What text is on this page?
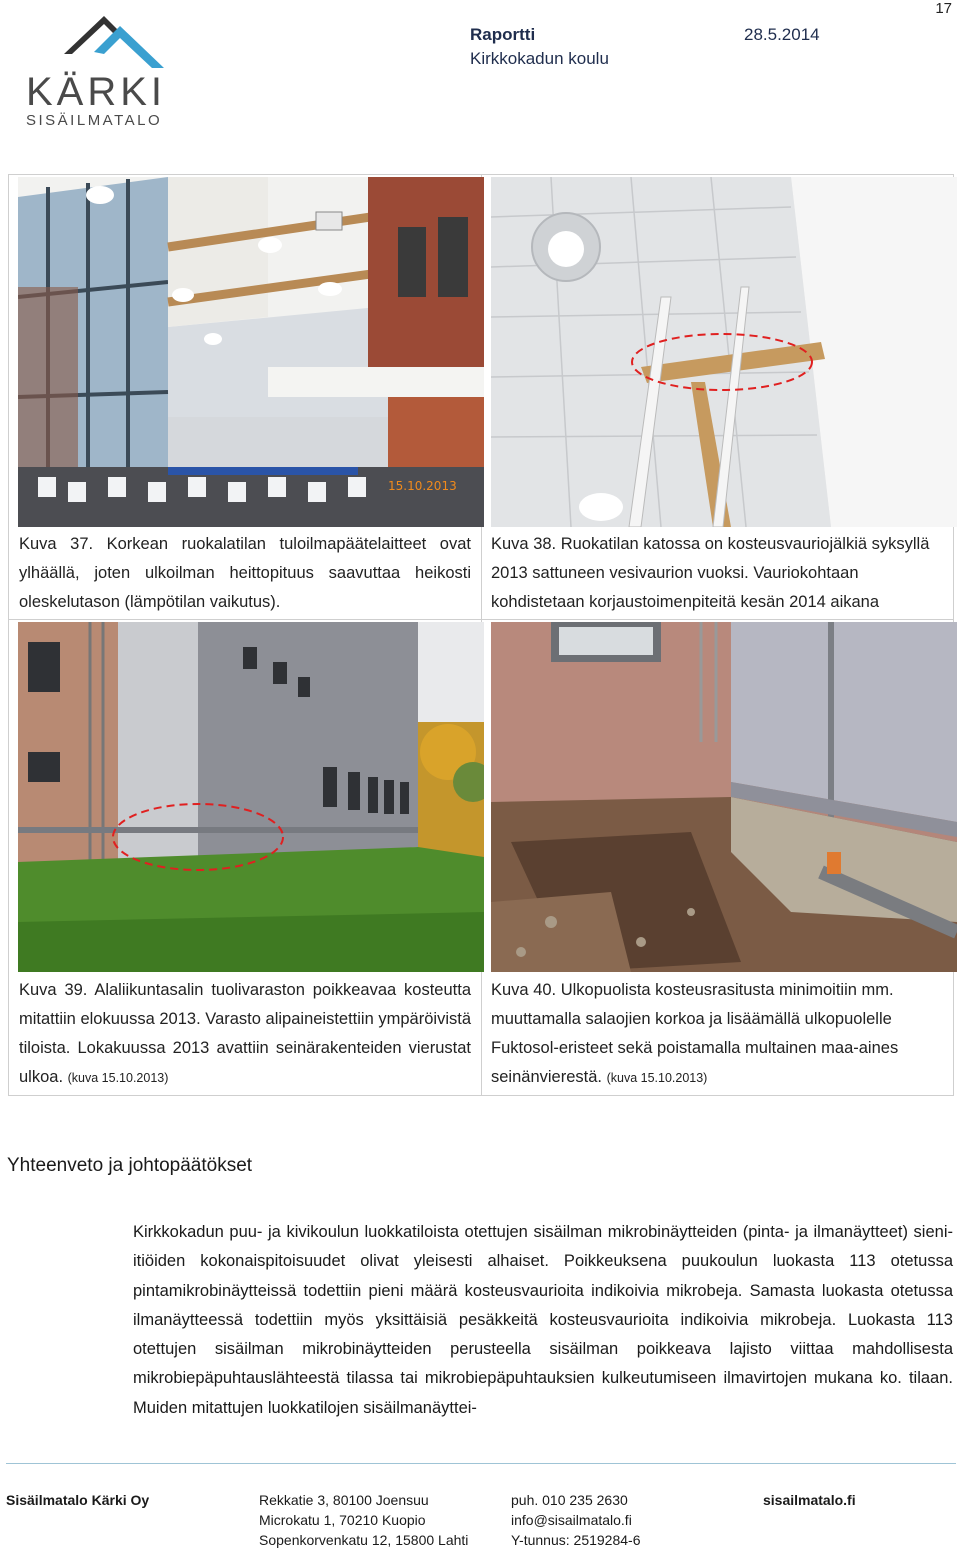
17
KÄRKI
SISÄILMATALO
Raportti	28.5.2014
Kirkkokadun koulu
15.10.2013
Kuva 37. Korkean ruokalatilan tuloilmapäätelaitteet ovat ylhäällä, joten ulkoilman heittopituus saavuttaa heikosti oleskelutason (lämpötilan vaikutus).
Kuva 38. Ruokatilan katossa on kosteusvauriojälkiä syksyllä 2013 sattuneen vesivaurion vuoksi. Vauriokohtaan kohdistetaan korjaustoimenpiteitä kesän 2014 aikana
Kuva 39. Alaliikuntasalin tuolivaraston poikkeavaa kosteutta mitattiin elokuussa 2013. Varasto alipaineistettiin ympäröivistä tiloista. Lokakuussa 2013 avattiin seinärakenteiden vierustat ulkoa. (kuva 15.10.2013)
Kuva 40. Ulkopuolista kosteusrasitusta minimoitiin mm. muuttamalla salaojien korkoa ja lisäämällä ulkopuolelle Fuktosol-eristeet sekä poistamalla multainen maa-aines seinänvierestä. (kuva 15.10.2013)
Yhteenveto ja johtopäätökset
Kirkkokadun puu- ja kivikoulun luokkatiloista otettujen sisäilman mikrobinäytteiden (pinta- ja ilmanäytteet) sieni-itiöiden kokonaispitoisuudet olivat yleisesti alhaiset. Poikkeuksena puukoulun luokasta 113 otetussa pintamikrobinäytteissä todettiin pieni määrä kosteusvaurioita indikoivia mikrobeja. Samasta luokasta otetussa ilmanäytteessä todettiin myös yksittäisiä pesäkkeitä kosteusvaurioita indikoivia mikrobeja. Luokasta 113 otettujen sisäilman mikrobinäytteiden perusteella sisäilman poikkeava lajisto viittaa mahdollisesta mikrobiepäpuhtauslähteestä tilassa tai mikrobiepäpuhtauksien kulkeutumiseen ilmavirtojen mukana ko. tilaan. Muiden mitattujen luokkatilojen sisäilmanäyttei-
Sisäilmatalo Kärki Oy	Rekkatie 3, 80100 Joensuu
Microkatu 1, 70210 Kuopio
Sopenkorvenkatu 12, 15800 Lahti
puh. 010 235 2630
info@sisailmatalo.fi
Y-tunnus: 2519284-6
sisailmatalo.fi
